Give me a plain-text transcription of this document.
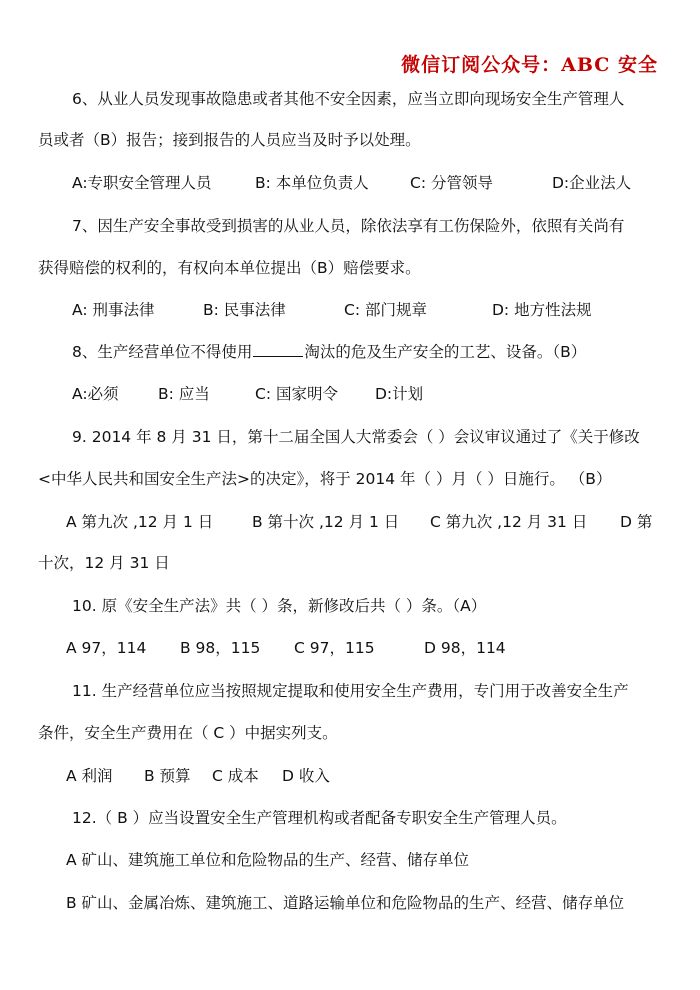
微信订阅公众号：ABC 安全
6、从业人员发现事故隐患或者其他不安全因素，应当立即向现场安全生产管理人
员或者（B）报告；接到报告的人员应当及时予以处理。
A:专职安全管理人员	B: 本单位负责人	C: 分管领导	D:企业法人
7、因生产安全事故受到损害的从业人员，除依法享有工伤保险外，依照有关尚有
获得赔偿的权利的，有权向本单位提出（B）赔偿要求。
A: 刑事法律	B: 民事法律	C: 部门规章	D: 地方性法规
8、生产经营单位不得使用	淘汰的危及生产安全的工艺、设备。（B）
A:必须	B: 应当	C: 国家明令 D:计划
9. 2014 年 8 月 31 日，第十二届全国人大常委会（ ）会议审议通过了《关于修改
<中华人民共和国安全生产法>的决定》，将于 2014 年（ ）月（ ）日施行。 （B）
A 第九次 ,12 月 1 日 B 第十次 ,12 月 1 日 C 第九次 ,12 月 31 日 D 第
十次，12 月 31 日
10. 原《安全生产法》共（ ）条，新修改后共（ ）条。（A）
A 97，114 B 98，115 C 97，115	D 98，114
11. 生产经营单位应当按照规定提取和使用安全生产费用，专门用于改善安全生产
条件，安全生产费用在（ C ）中据实列支。
A 利润 B 预算 C 成本 D 收入
12.（ B ）应当设置安全生产管理机构或者配备专职安全生产管理人员。
A 矿山、建筑施工单位和危险物品的生产、经营、储存单位
B 矿山、金属冶炼、建筑施工、道路运输单位和危险物品的生产、经营、储存单位
